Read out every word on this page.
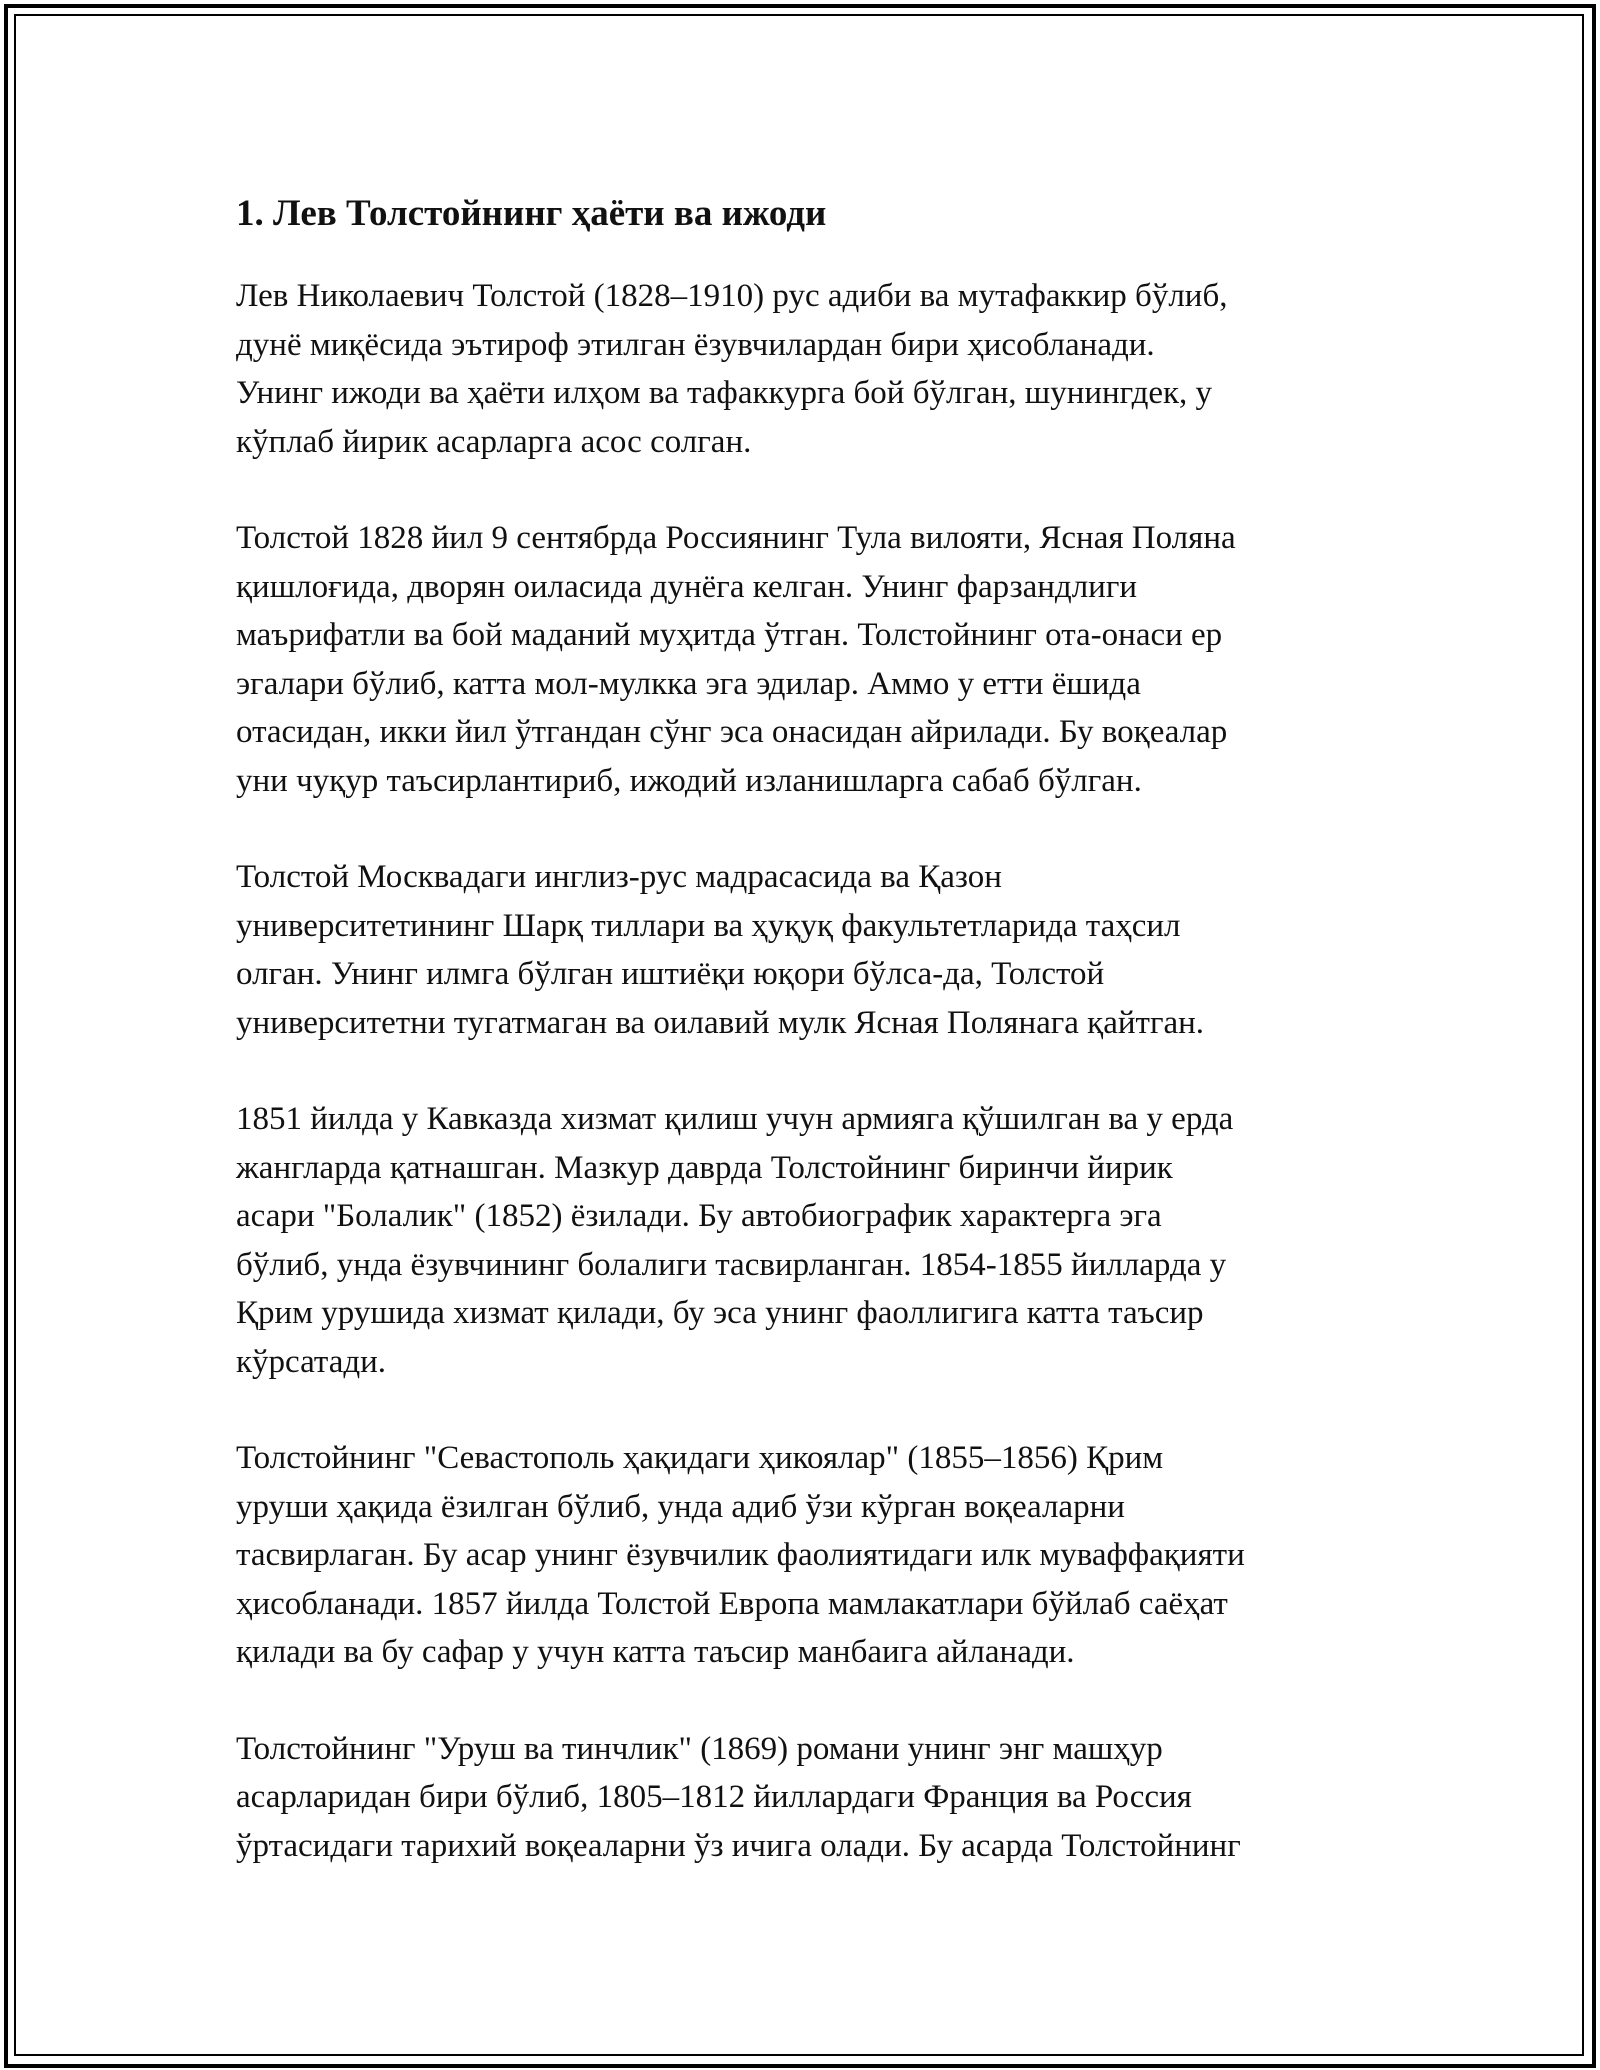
1. Лев Толстойнинг ҳаёти ва ижоди

Лев Николаевич Толстой (1828–1910) рус адиби ва мутафаккир бўлиб,
дунё миқёсида эътироф этилган ёзувчилардан бири ҳисобланади.
Унинг ижоди ва ҳаёти илҳом ва тафаккурга бой бўлган, шунингдек, у
кўплаб йирик асарларга асос солган.

Толстой 1828 йил 9 сентябрда Россиянинг Тула вилояти, Ясная Поляна
қишлоғида, дворян оиласида дунёга келган. Унинг фарзандлиги
маърифатли ва бой маданий муҳитда ўтган. Толстойнинг ота-онаси ер
эгалари бўлиб, катта мол-мулкка эга эдилар. Аммо у етти ёшида
отасидан, икки йил ўтгандан сўнг эса онасидан айрилади. Бу воқеалар
уни чуқур таъсирлантириб, ижодий изланишларга сабаб бўлган.

Толстой Москвадаги инглиз-рус мадрасасида ва Қазон
университетининг Шарқ тиллари ва ҳуқуқ факультетларида таҳсил
олган. Унинг илмга бўлган иштиёқи юқори бўлса-да, Толстой
университетни тугатмаган ва оилавий мулк Ясная Полянага қайтган.

1851 йилда у Кавказда хизмат қилиш учун армияга қўшилган ва у ерда
жангларда қатнашган. Мазкур даврда Толстойнинг биринчи йирик
асари "Болалик" (1852) ёзилади. Бу автобиографик характерга эга
бўлиб, унда ёзувчининг болалиги тасвирланган. 1854-1855 йилларда у
Қрим урушида хизмат қилади, бу эса унинг фаоллигига катта таъсир
кўрсатади.

Толстойнинг "Севастополь ҳақидаги ҳикоялар" (1855–1856) Қрим
уруши ҳақида ёзилган бўлиб, унда адиб ўзи кўрган воқеаларни
тасвирлаган. Бу асар унинг ёзувчилик фаолиятидаги илк муваффақияти
ҳисобланади. 1857 йилда Толстой Европа мамлакатлари бўйлаб саёҳат
қилади ва бу сафар у учун катта таъсир манбаига айланади.

Толстойнинг "Уруш ва тинчлик" (1869) романи унинг энг машҳур
асарларидан бири бўлиб, 1805–1812 йиллардаги Франция ва Россия
ўртасидаги тарихий воқеаларни ўз ичига олади. Бу асарда Толстойнинг
